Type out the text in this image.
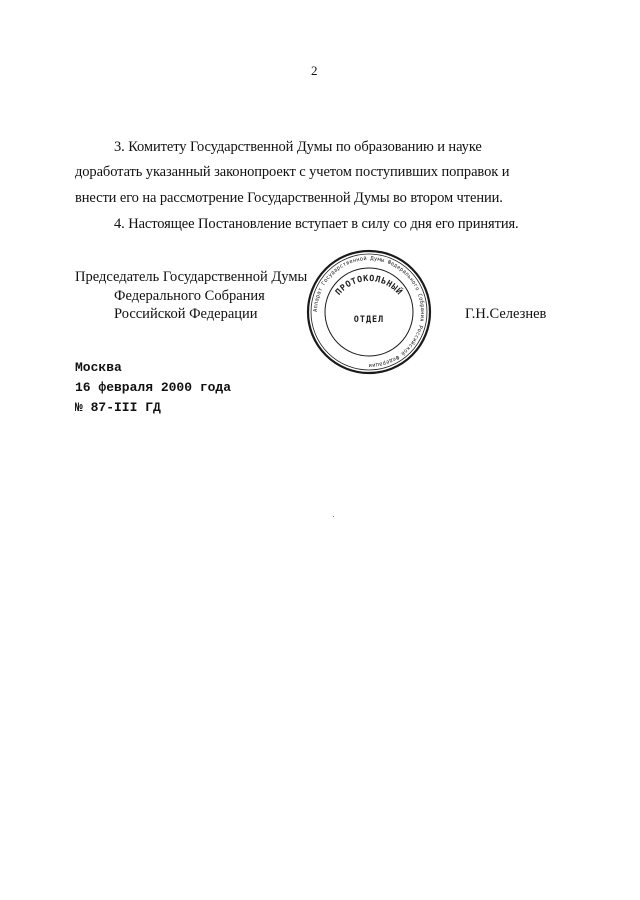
2
3. Комитету Государственной Думы по образованию и науке
доработать указанный законопроект с учетом поступивших поправок и
внести его на рассмотрение Государственной Думы во втором чтении.
4. Настоящее Постановление вступает в силу со дня его принятия.
Председатель Государственной Думы
Федерального Собрания
Российской Федерации	Г.Н.Селезнев
Аппарат Государственной Думы Федерального Собрания Российской Федерации
ПРОТОКОЛЬНЫЙ
ОТДЕЛ
Москва
16 февраля 2000 года
№ 87-III ГД
